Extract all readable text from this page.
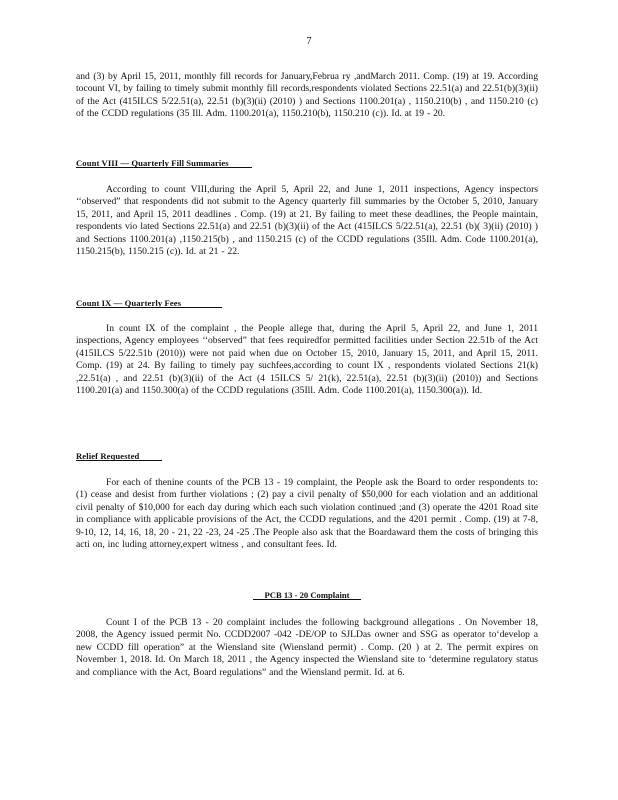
7
and (3) by April 15, 2011, monthly fill records for January,Februa ry ,andMarch 2011. Comp. (19) at 19. According tocount VI, by failing to timely submit monthly fill records,respondents violated Sections 22.51(a) and 22.51(b)(3)(ii) of the Act (415ILCS 5/22.51(a), 22.51 (b)(3)(ii) (2010) ) and Sections 1100.201(a) , 1150.210(b) , and 1150.210 (c) of the CCDD regulations (35 Ill. Adm. 1100.201(a), 1150.210(b), 1150.210 (c)). Id. at 19 - 20.
Count VIII — Quarterly Fill Summaries
According to count VIII,during the April 5, April 22, and June 1, 2011 inspections, Agency inspectors ‘‘observed” that respondents did not submit to the Agency quarterly fill summaries by the October 5, 2010, January 15, 2011, and April 15, 2011 deadlines . Comp. (19) at 21. By failing to meet these deadlines, the People maintain, respondents vio lated Sections 22.51(a) and 22.51 (b)(3)(ii) of the Act (415ILCS 5/22.51(a), 22.51 (b)( 3)(ii) (2010) ) and Sections 1100.201(a) ,1150.215(b) , and 1150.215 (c) of the CCDD regulations (35Ill. Adm. Code 1100.201(a), 1150.215(b), 1150.215 (c)). Id. at 21 - 22.
Count IX — Quarterly Fees
In count IX of the complaint , the People allege that, during the April 5, April 22, and June 1, 2011 inspections, Agency employees ‘‘observed” that fees requiredfor permitted facilities under Section 22.51b of the Act (415ILCS 5/22.51b (2010)) were not paid when due on October 15, 2010, January 15, 2011, and April 15, 2011. Comp. (19) at 24. By failing to timely pay suchfees,according to count IX , respondents violated Sections 21(k) ,22.51(a) , and 22.51 (b)(3)(ii) of the Act (4 15ILCS 5/ 21(k), 22.51(a), 22.51 (b)(3)(ii) (2010)) and Sections 1100.201(a) and 1150.300(a) of the CCDD regulations (35Ill. Adm. Code 1100.201(a), 1150.300(a)). Id.
Relief Requested
For each of thenine counts of the PCB 13 - 19 complaint, the People ask the Board to order respondents to: (1) cease and desist from further violations ; (2) pay a civil penalty of $50,000 for each violation and an additional civil penalty of $10,000 for each day during which each such violation continued ;and (3) operate the 4201 Road site in compliance with applicable provisions of the Act, the CCDD regulations, and the 4201 permit . Comp. (19) at 7-8, 9-10, 12, 14, 16, 18, 20 - 21, 22 -23, 24 -25 .The People also ask that the Boardaward them the costs of bringing this acti on, inc luding attorney,expert witness , and consultant fees. Id.
PCB 13 - 20 Complaint
Count I of the PCB 13 - 20 complaint includes the following background allegations . On November 18, 2008, the Agency issued permit No. CCDD2007 -042 -DE/OP to SJLDas owner and SSG as operator to‘develop a new CCDD fill operation” at the Wiensland site (Wiensland permit) . Comp. (20 ) at 2. The permit expires on November 1, 2018. Id. On March 18, 2011 , the Agency inspected the Wiensland site to ‘determine regulatory status and compliance with the Act, Board regulations” and the Wiensland permit. Id. at 6.
